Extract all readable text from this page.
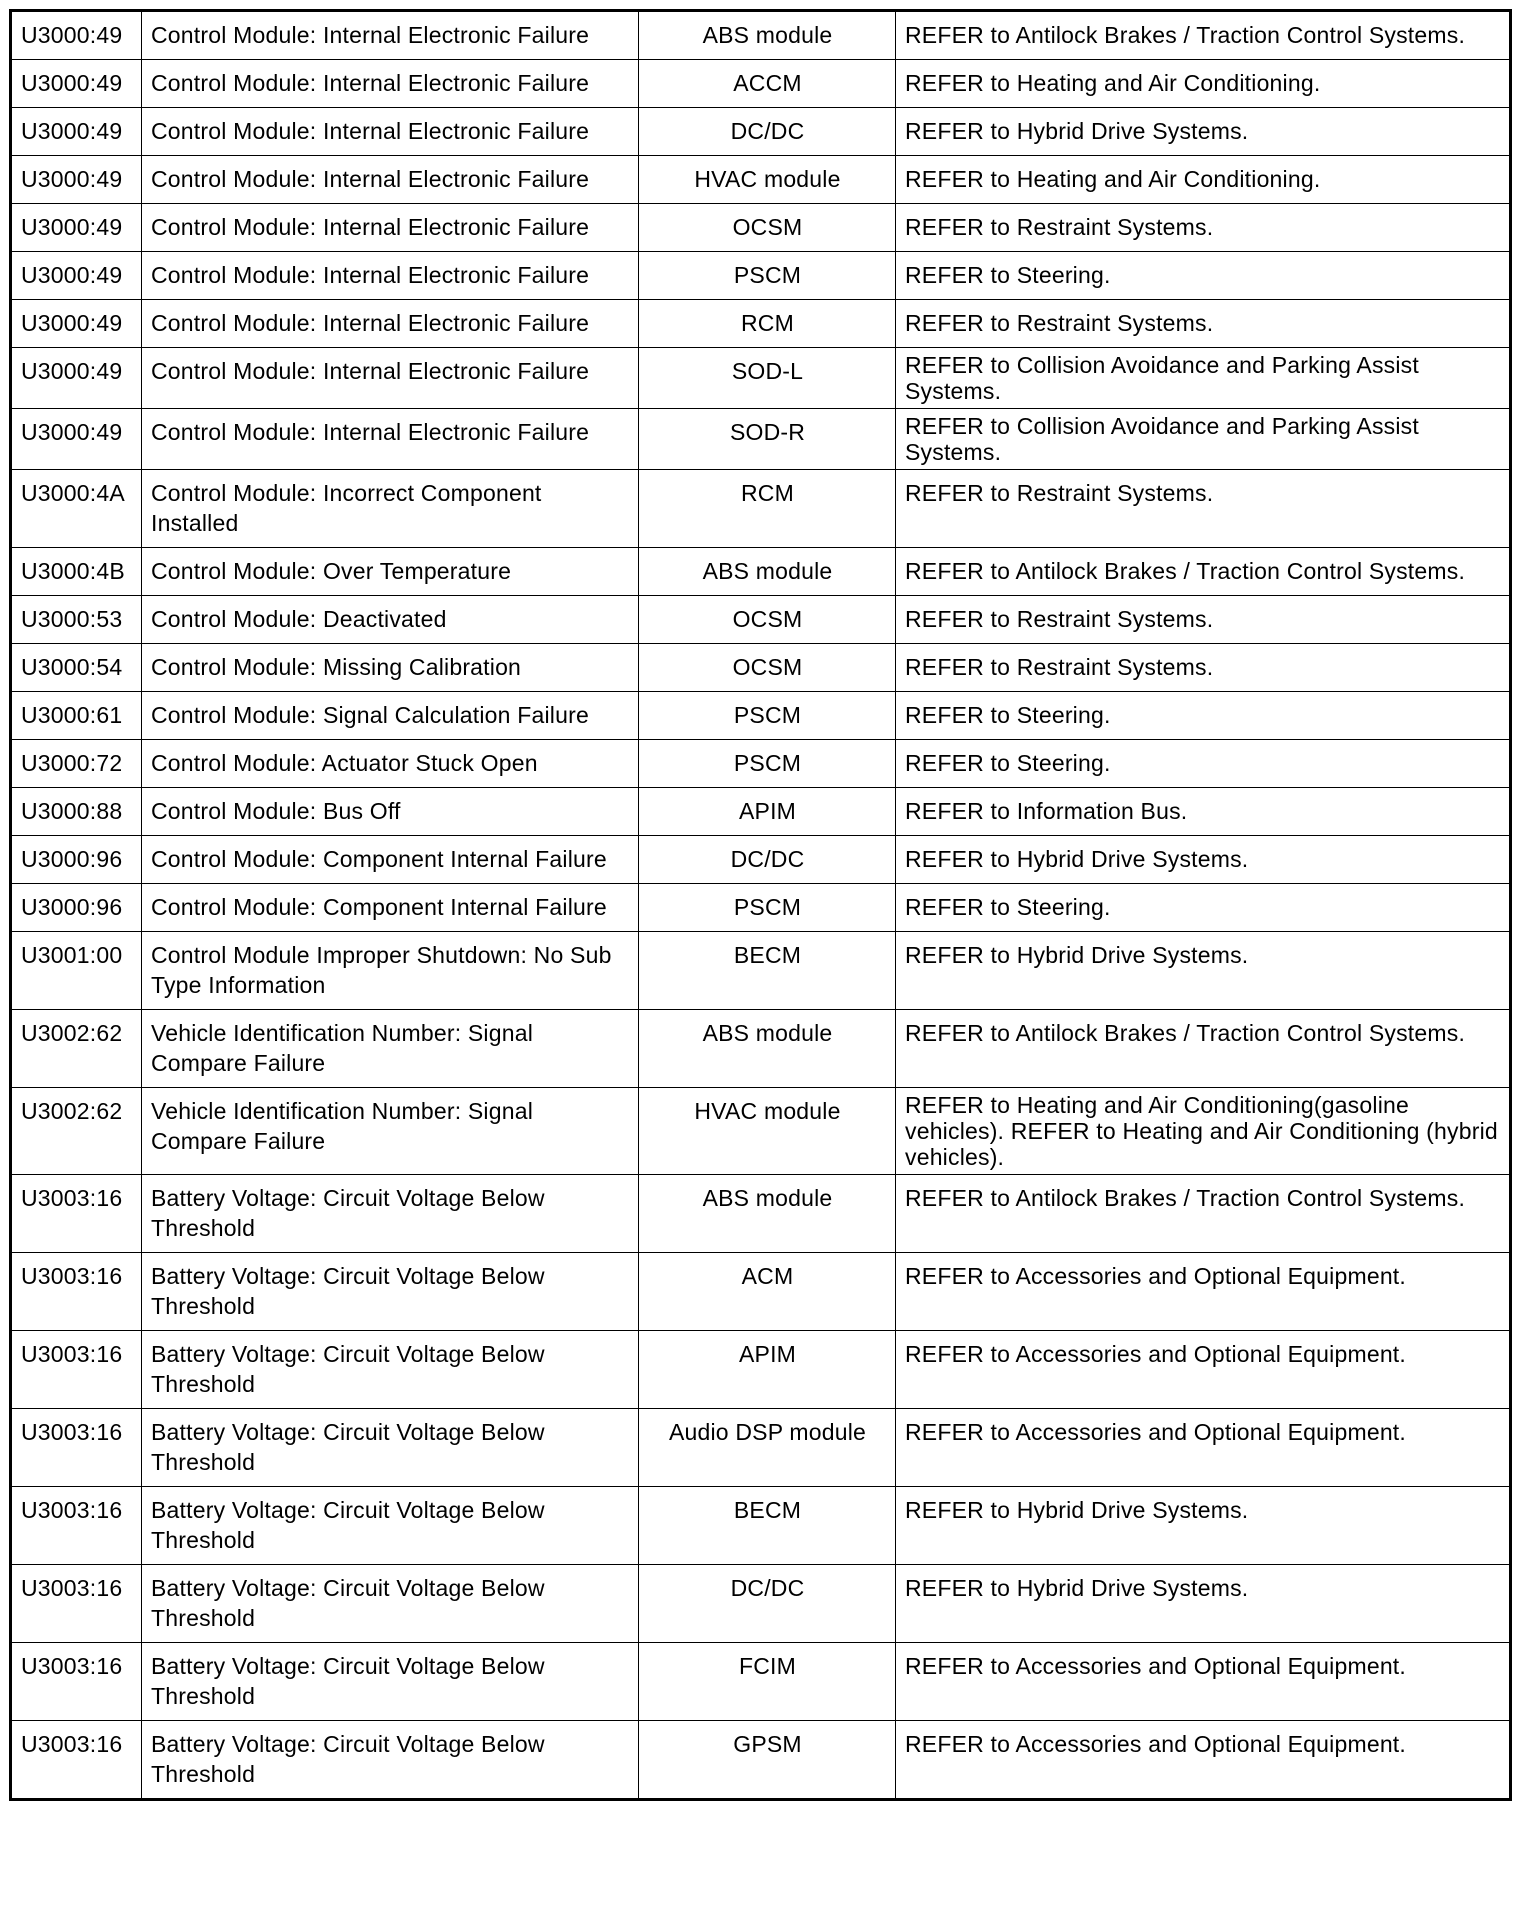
U3000:49	Control Module: Internal Electronic Failure	ABS module	REFER to Antilock Brakes / Traction Control Systems.
U3000:49	Control Module: Internal Electronic Failure	ACCM	REFER to Heating and Air Conditioning.
U3000:49	Control Module: Internal Electronic Failure	DC/DC	REFER to Hybrid Drive Systems.
U3000:49	Control Module: Internal Electronic Failure	HVAC module	REFER to Heating and Air Conditioning.
U3000:49	Control Module: Internal Electronic Failure	OCSM	REFER to Restraint Systems.
U3000:49	Control Module: Internal Electronic Failure	PSCM	REFER to Steering.
U3000:49	Control Module: Internal Electronic Failure	RCM	REFER to Restraint Systems.
U3000:49	Control Module: Internal Electronic Failure	SOD-L	REFER to Collision Avoidance and Parking Assist Systems.
U3000:49	Control Module: Internal Electronic Failure	SOD-R	REFER to Collision Avoidance and Parking Assist Systems.
U3000:4A	Control Module: Incorrect Component Installed	RCM	REFER to Restraint Systems.
U3000:4B	Control Module: Over Temperature	ABS module	REFER to Antilock Brakes / Traction Control Systems.
U3000:53	Control Module: Deactivated	OCSM	REFER to Restraint Systems.
U3000:54	Control Module: Missing Calibration	OCSM	REFER to Restraint Systems.
U3000:61	Control Module: Signal Calculation Failure	PSCM	REFER to Steering.
U3000:72	Control Module: Actuator Stuck Open	PSCM	REFER to Steering.
U3000:88	Control Module: Bus Off	APIM	REFER to Information Bus.
U3000:96	Control Module: Component Internal Failure	DC/DC	REFER to Hybrid Drive Systems.
U3000:96	Control Module: Component Internal Failure	PSCM	REFER to Steering.
U3001:00	Control Module Improper Shutdown: No Sub Type Information	BECM	REFER to Hybrid Drive Systems.
U3002:62	Vehicle Identification Number: Signal Compare Failure	ABS module	REFER to Antilock Brakes / Traction Control Systems.
U3002:62	Vehicle Identification Number: Signal Compare Failure	HVAC module	REFER to Heating and Air Conditioning(gasoline vehicles). REFER to Heating and Air Conditioning (hybrid vehicles).
U3003:16	Battery Voltage: Circuit Voltage Below Threshold	ABS module	REFER to Antilock Brakes / Traction Control Systems.
U3003:16	Battery Voltage: Circuit Voltage Below Threshold	ACM	REFER to Accessories and Optional Equipment.
U3003:16	Battery Voltage: Circuit Voltage Below Threshold	APIM	REFER to Accessories and Optional Equipment.
U3003:16	Battery Voltage: Circuit Voltage Below Threshold	Audio DSP module	REFER to Accessories and Optional Equipment.
U3003:16	Battery Voltage: Circuit Voltage Below Threshold	BECM	REFER to Hybrid Drive Systems.
U3003:16	Battery Voltage: Circuit Voltage Below Threshold	DC/DC	REFER to Hybrid Drive Systems.
U3003:16	Battery Voltage: Circuit Voltage Below Threshold	FCIM	REFER to Accessories and Optional Equipment.
U3003:16	Battery Voltage: Circuit Voltage Below Threshold	GPSM	REFER to Accessories and Optional Equipment.
